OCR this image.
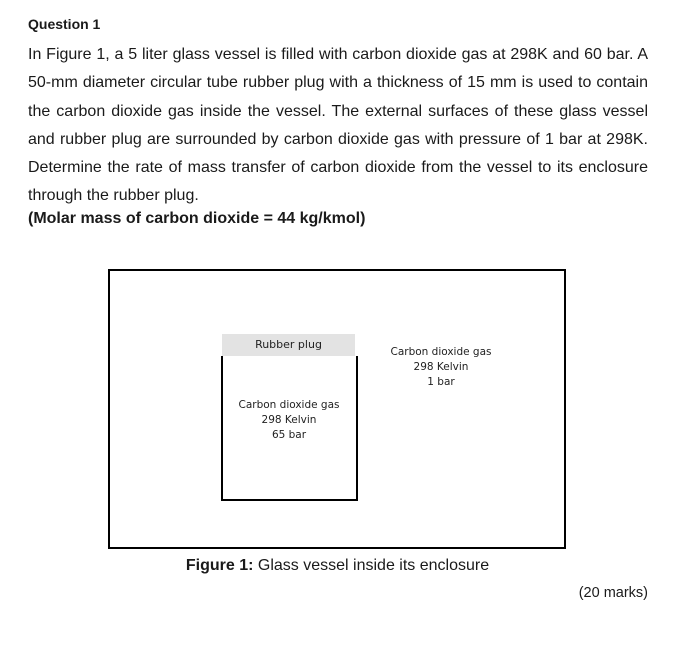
Question 1
In Figure 1, a 5 liter glass vessel is filled with carbon dioxide gas at 298K and 60 bar. A 50-mm diameter circular tube rubber plug with a thickness of 15 mm is used to contain the carbon dioxide gas inside the vessel. The external surfaces of these glass vessel and rubber plug are surrounded by carbon dioxide gas with pressure of 1 bar at 298K. Determine the rate of mass transfer of carbon dioxide from the vessel to its enclosure through the rubber plug.
(Molar mass of carbon dioxide = 44 kg/kmol)
Rubber plug
Carbon dioxide gas
298 Kelvin
65 bar
Carbon dioxide gas
298 Kelvin
1 bar
Figure 1: Glass vessel inside its enclosure
(20 marks)
